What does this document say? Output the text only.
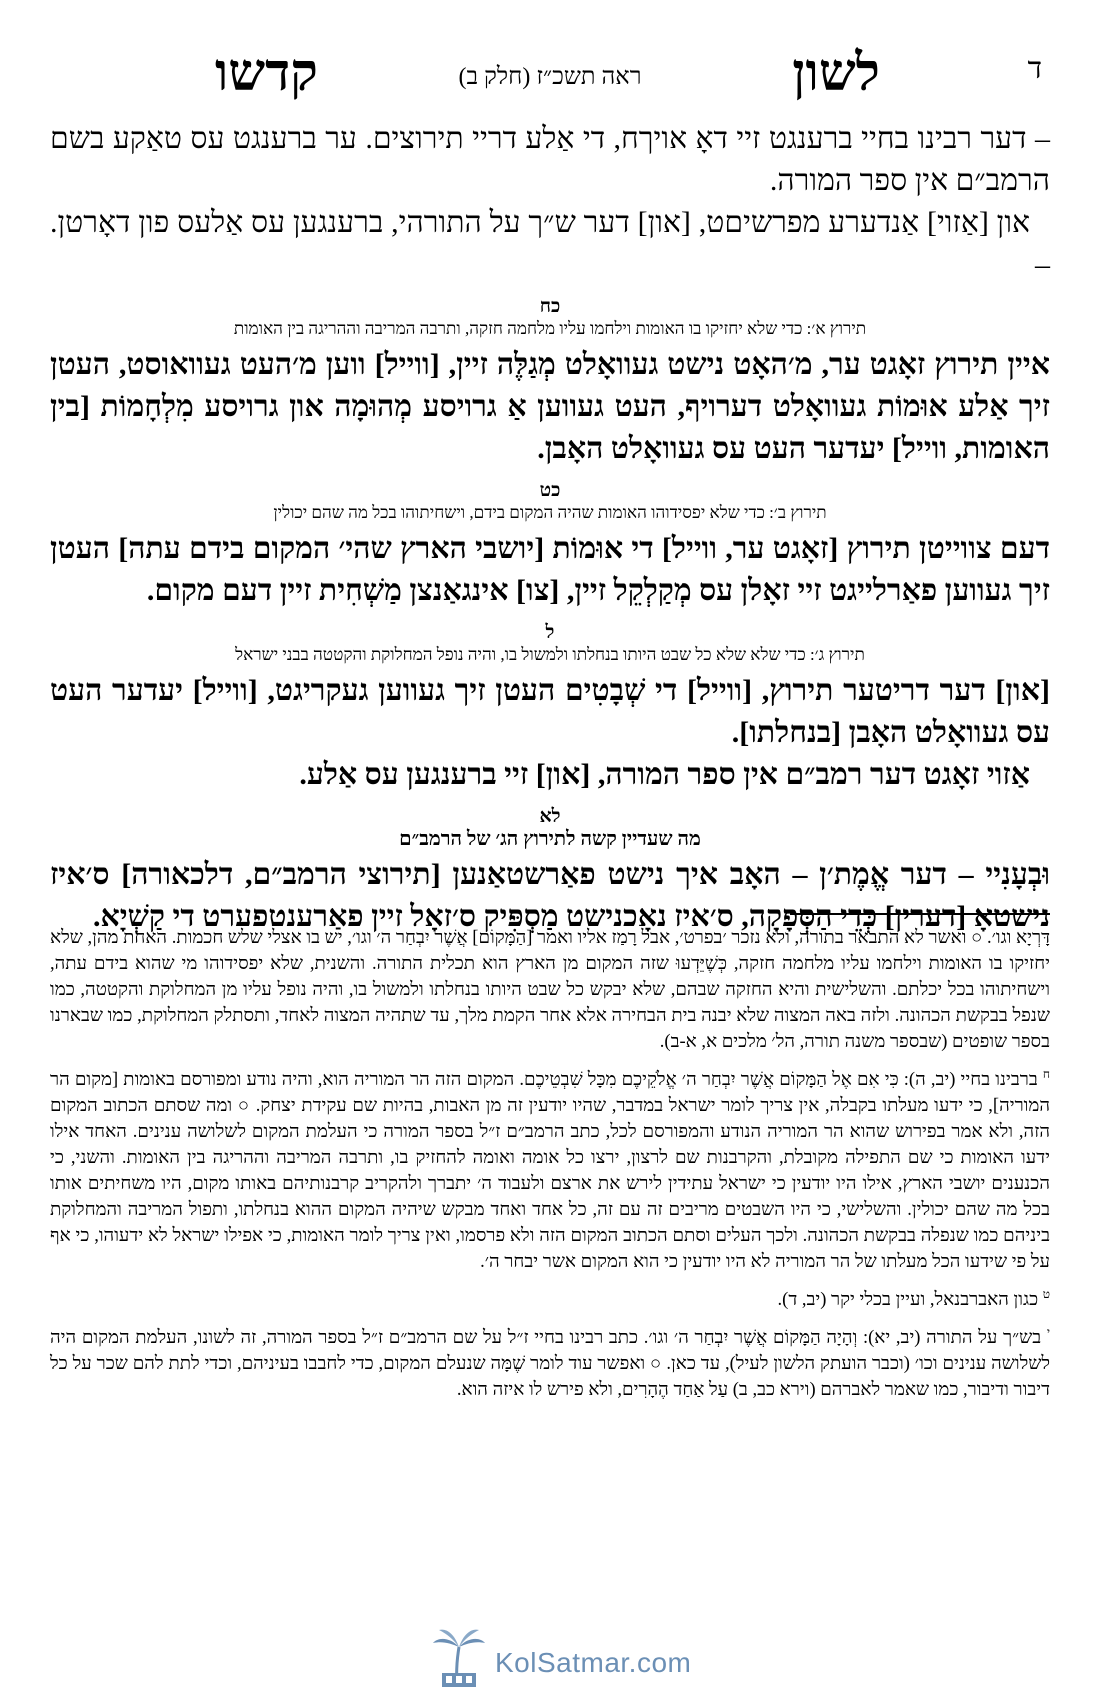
ד
לשון
ראה תשכ״ז (חלק ב)
קדשו

– דער רבינו בחיי ברענגט זיי דאָ אויךח, די אַלע דריי תירוצים. ער ברענגט עס טאַקע בשם הרמב״ם אין ספר המורה.

און [אַזוי] אַנדערע מפרשיםט, [און] דער ש״ך על התורהי, ברענגען עס אַלעס פון דאָרטן. –

כח
תירוץ א׳: כדי שלא יחזיקו בו האומות וילחמו עליו מלחמה חזקה, ותרבה המריבה וההריגה בין האומות

איין תירוץ זאָגט ער, מ׳האָט נישט געוואָלט מְגַלֶּה זיין, [ווייל] ווען מ׳העט געוואוסט, העטן זיך אַלע אוּמוֹת געוואָלט דערויף, העט געווען אַ גרויסע מְהוּמָה און גרויסע מִלְחָמוֹת [בין האומות, ווייל] יעדער העט עס געוואָלט האָבן.

כט
תירוץ ב׳: כדי שלא יפסידוהו האומות שהיה המקום בידם, וישחיתוהו בכל מה שהם יכולין

דעם צווייטן תירוץ [זאָגט ער, ווייל] די אוּמוֹת [יושבי הארץ שהי׳ המקום בידם עתה] העטן זיך געווען פאַרלייגט זיי זאָלן עס מְקַלְקֵל זיין, [צו] אינגאַנצן מַשְׁחִית זיין דעם מקום.

ל
תירוץ ג׳: כדי שלא שלא כל שבט היותו בנחלתו ולמשול בו, והיה נופל המחלוקת והקטטה בבני ישראל

[און] דער דריטער תירוץ, [ווייל] די שְׁבָטִים העטן זיך געווען געקריגט, [ווייל] יעדער העט עס געוואָלט האָבן [בנחלתו].

אַזוי זאָגט דער רמב״ם אין ספר המורה, [און] זיי ברענגען עס אַלע.

לא
מה שעדיין קשה לתירוץ הג׳ של הרמב״ם

וּבְעָנִיי – דער אֱמֶת׳ן – האָב איך נישט פאַרשטאַנען [תירוצי הרמב״ם, דלכאורה] ס׳איז נישטאָ [דערין] כְּדֵי הַסְּפָקָה, ס׳איז נאָכנישט מַסְפִּיק ס׳זאָל זיין פאַרענטפערט די קַשְׁיָא.

דָּרְיָא וגו׳. ○ ואשר לא התבאר בתורה, ולא נזכר ׳בפרט׳, אבל רָמַז אליו ואמר [הַמָּקוֹם] אֲשֶׁר יִבְחַר ה׳ וגו׳, יש בו אצלי שלש חכמות. האחת מהן, שלא יחזיקו בו האומות וילחמו עליו מלחמה חזקה, כְּשֶׁיֵּדְעוּ שזה המקום מן הארץ הוא תכלית התורה. והשנית, שלא יפסידוהו מי שהוא בידם עתה, וישחיתוהו בכל יכלתם. והשלישית והיא החזקה שבהם, שלא יבקש כל שבט היותו בנחלתו ולמשול בו, והיה נופל עליו מן המחלוקת והקטטה, כמו שנפל בבקשת הכהונה. ולזה באה המצוה שלא יבנה בית הבחירה אלא אחר הקמת מלך, עד שתהיה המצוה לאחד, ותסתלק המחלוקת, כמו שבארנו בספר שופטים (שבספר משנה תורה, הל׳ מלכים א, א-ב).

$^ח$ ברבינו בחיי (יב, ה): כִּי אִם אֶל הַמָּקוֹם אֲשֶׁר יִבְחַר ה׳ אֱלֹקֵיכֶם מִכָּל שִׁבְטֵיכֶם. המקום הזה הר המוריה הוא, והיה נודע ומפורסם באומות [מקום הר המוריה], כי ידעו מעלתו בקבלה, אין צריך לומר ישראל במדבר, שהיו יודעין זה מן האבות, בהיות שם עקידת יצחק. ○ ומה שסתם הכתוב המקום הזה, ולא אמר בפירוש שהוא הר המוריה הנודע והמפורסם לכל, כתב הרמב״ם ז״ל בספר המורה כי העלמת המקום לשלושה ענינים. האחד אילו ידעו האומות כי שם התפילה מקובלת, והקרבנות שם לרצון, ירצו כל אומה ואומה להחזיק בו, ותרבה המריבה וההריגה בין האומות. והשני, כי הכנענים יושבי הארץ, אילו היו יודעין כי ישראל עתידין לירש את ארצם ולעבוד ה׳ יתברך ולהקריב קרבנותיהם באותו מקום, היו משחיתים אותו בכל מה שהם יכולין. והשלישי, כי היו השבטים מריבים זה עם זה, כל אחד ואחד מבקש שיהיה המקום ההוא בנחלתו, ותפול המריבה והמחלוקת ביניהם כמו שנפלה בבקשת הכהונה. ולכך העלים וסתם הכתוב המקום הזה ולא פרסמו, ואין צריך לומר האומות, כי אפילו ישראל לא ידעוהו, כי אף על פי שידעו הכל מעלתו של הר המוריה לא היו יודעין כי הוא המקום אשר יבחר ה׳.

$^ט$ כגון האברבנאל, ועיין בכלי יקר (יב, ד).

$^י$ בש״ך על התורה (יב, יא): וְהָיָה הַמָּקוֹם אֲשֶׁר יִבְחַר ה׳ וגו׳. כתב רבינו בחיי ז״ל על שם הרמב״ם ז״ל בספר המורה, זה לשונו, העלמת המקום היה לשלושה ענינים וכו׳ (וכבר הועתק הלשון לעיל), עד כאן. ○ ואפשר עוד לומר שֶׁמָּה שנעלם המקום, כדי לחבבו בעיניהם, וכדי לתת להם שכר על כל דיבור ודיבור, כמו שאמר לאברהם (וירא כב, ב) עַל אַחַד הֶהָרִים, ולא פירש לו איזה הוא.

KolSatmar.com
